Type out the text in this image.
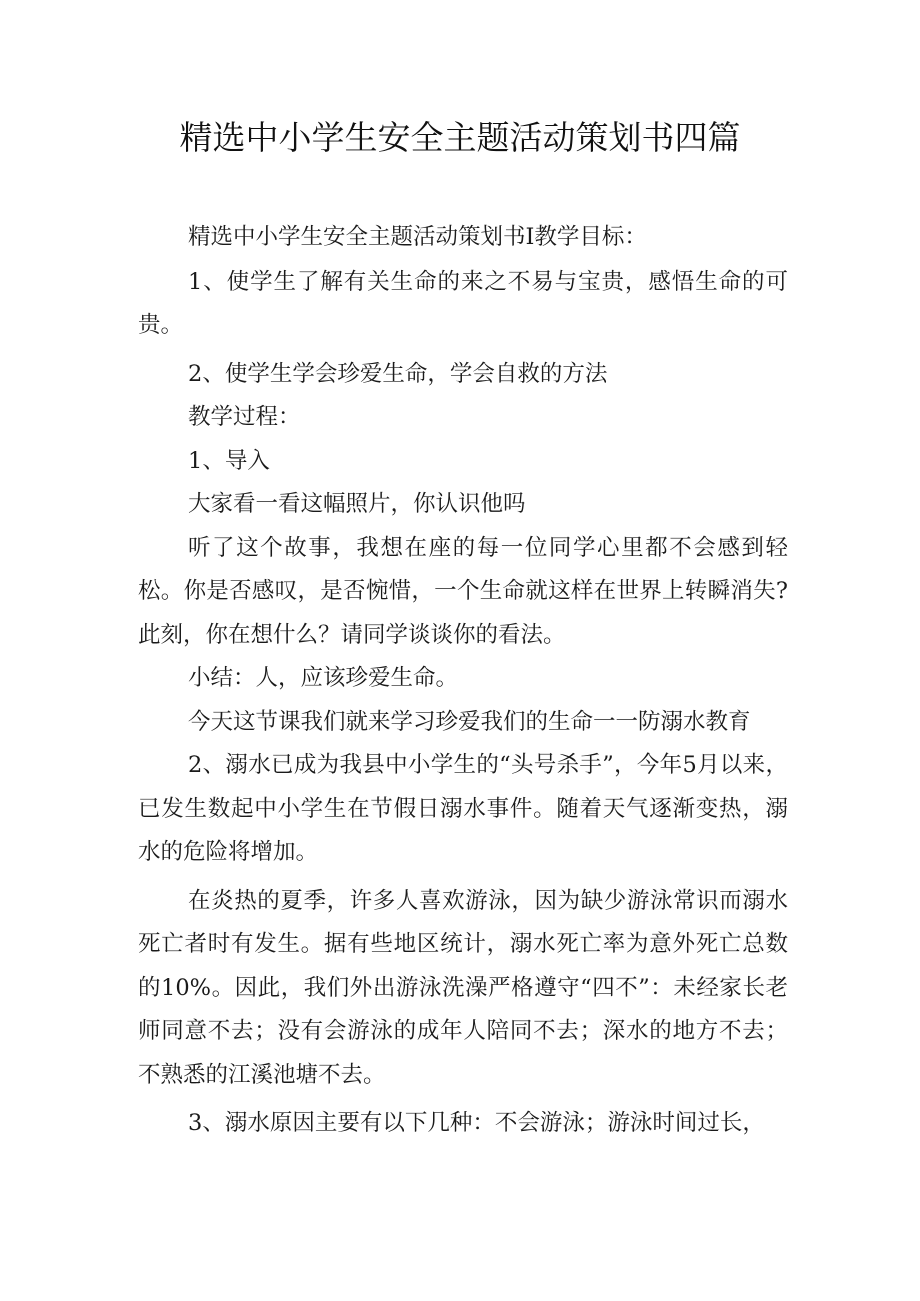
精选中小学生安全主题活动策划书四篇

精选中小学生安全主题活动策划书Ⅰ教学目标：

1、使学生了解有关生命的来之不易与宝贵，感悟生命的可贵。

2、使学生学会珍爱生命，学会自救的方法

教学过程：

1、导入

大家看一看这幅照片，你认识他吗

听了这个故事，我想在座的每一位同学心里都不会感到轻松。你是否感叹，是否惋惜，一个生命就这样在世界上转瞬消失?此刻，你在想什么？请同学谈谈你的看法。

小结：人，应该珍爱生命。

今天这节课我们就来学习珍爱我们的生命一一防溺水教育

2、溺水已成为我县中小学生的“头号杀手”，今年5月以来，已发生数起中小学生在节假日溺水事件。随着天气逐渐变热，溺水的危险将增加。

在炎热的夏季，许多人喜欢游泳，因为缺少游泳常识而溺水死亡者时有发生。据有些地区统计，溺水死亡率为意外死亡总数的10%。因此，我们外出游泳洗澡严格遵守“四不”：未经家长老师同意不去；没有会游泳的成年人陪同不去；深水的地方不去；不熟悉的江溪池塘不去。

3、溺水原因主要有以下几种：不会游泳；游泳时间过长，
